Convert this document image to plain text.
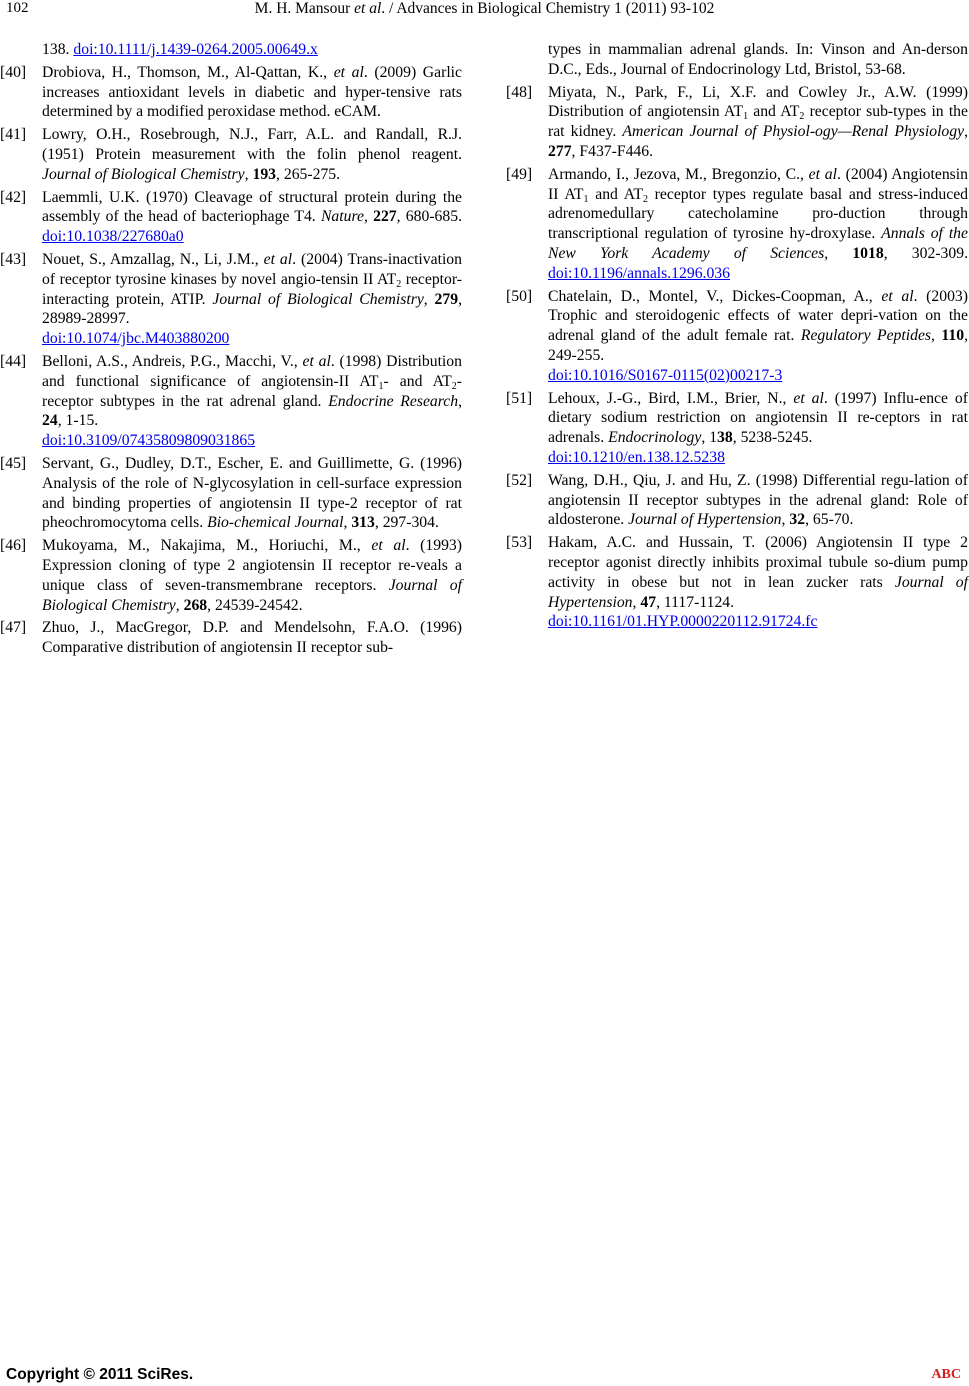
102	M. H. Mansour et al. / Advances in Biological Chemistry 1 (2011) 93-102
138. doi:10.1111/j.1439-0264.2005.00649.x
[40] Drobiova, H., Thomson, M., Al-Qattan, K., et al. (2009) Garlic increases antioxidant levels in diabetic and hyper-tensive rats determined by a modified peroxidase method. eCAM.
[41] Lowry, O.H., Rosebrough, N.J., Farr, A.L. and Randall, R.J. (1951) Protein measurement with the folin phenol reagent. Journal of Biological Chemistry, 193, 265-275.
[42] Laemmli, U.K. (1970) Cleavage of structural protein during the assembly of the head of bacteriophage T4. Nature, 227, 680-685. doi:10.1038/227680a0
[43] Nouet, S., Amzallag, N., Li, J.M., et al. (2004) Trans-inactivation of receptor tyrosine kinases by novel angio-tensin II $AT_2$ receptor-interacting protein, ATIP. Journal of Biological Chemistry, 279, 28989-28997.
doi:10.1074/jbc.M403880200
[44] Belloni, A.S., Andreis, P.G., Macchi, V., et al. (1998) Distribution and functional significance of angiotensin-II $AT_1-$ and $AT_2$-receptor subtypes in the rat adrenal gland. Endocrine Research, 24, 1-15.
doi:10.3109/07435809809031865
[45] Servant, G., Dudley, D.T., Escher, E. and Guillimette, G. (1996) Analysis of the role of N-glycosylation in cell-surface expression and binding properties of angiotensin II type-2 receptor of rat pheochromocytoma cells. Bio-chemical Journal, 313, 297-304.
[46] Mukoyama, M., Nakajima, M., Horiuchi, M., et al. (1993) Expression cloning of type 2 angiotensin II receptor re-veals a unique class of seven-transmembrane receptors. Journal of Biological Chemistry, 268, 24539-24542.
[47] Zhuo, J., MacGregor, D.P. and Mendelsohn, F.A.O. (1996) Comparative distribution of angiotensin II receptor sub-
types in mammalian adrenal glands. In: Vinson and An-derson D.C., Eds., Journal of Endocrinology Ltd, Bristol, 53-68.
[48] Miyata, N., Park, F., Li, X.F. and Cowley Jr., A.W. (1999) Distribution of angiotensin $AT_1$ and $AT_2$ receptor sub-types in the rat kidney. American Journal of Physiol-ogy—Renal Physiology, 277, F437-F446.
[49] Armando, I., Jezova, M., Bregonzio, C., et al. (2004) Angiotensin II $AT_1$ and $AT_2$ receptor types regulate basal and stress-induced adrenomedullary catecholamine pro-duction through transcriptional regulation of tyrosine hy-droxylase. Annals of the New York Academy of Sciences, 1018, 302-309. doi:10.1196/annals.1296.036
[50] Chatelain, D., Montel, V., Dickes-Coopman, A., et al. (2003) Trophic and steroidogenic effects of water depri-vation on the adrenal gland of the adult female rat. Regulatory Peptides, 110, 249-255.
doi:10.1016/S0167-0115(02)00217-3
[51] Lehoux, J.-G., Bird, I.M., Brier, N., et al. (1997) Influ-ence of dietary sodium restriction on angiotensin II re-ceptors in rat adrenals. Endocrinology, 138, 5238-5245.
doi:10.1210/en.138.12.5238
[52] Wang, D.H., Qiu, J. and Hu, Z. (1998) Differential regu-lation of angiotensin II receptor subtypes in the adrenal gland: Role of aldosterone. Journal of Hypertension, 32, 65-70.
[53] Hakam, A.C. and Hussain, T. (2006) Angiotensin II type 2 receptor agonist directly inhibits proximal tubule so-dium pump activity in obese but not in lean zucker rats Journal of Hypertension, 47, 1117-1124.
doi:10.1161/01.HYP.0000220112.91724.fc
Copyright © 2011 SciRes.	ABC
